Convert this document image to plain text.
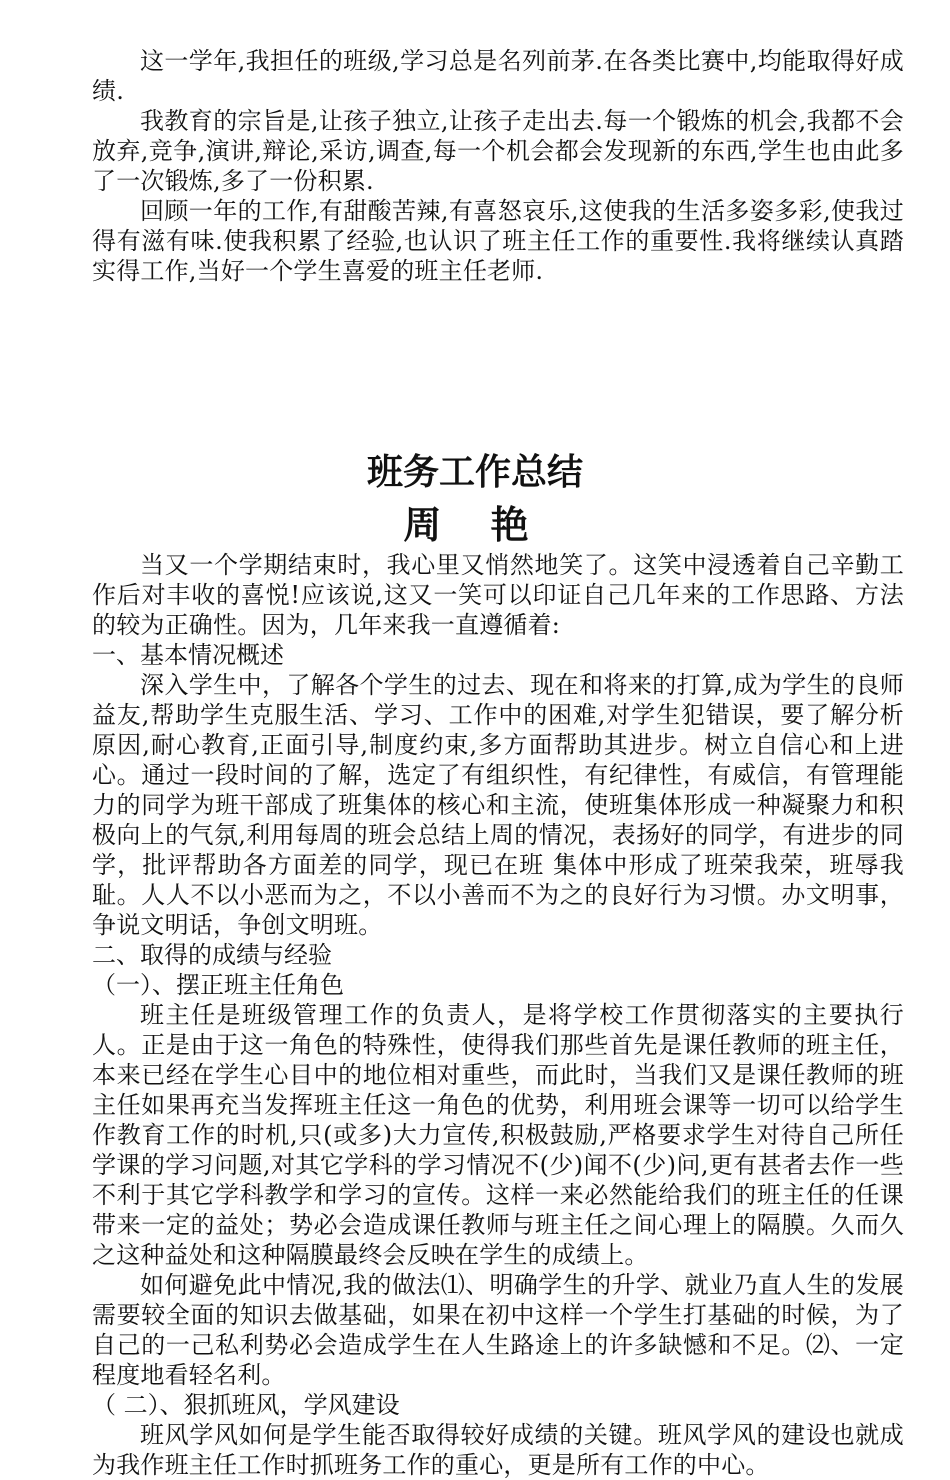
这一学年,我担任的班级,学习总是名列前茅.在各类比赛中,均能取得好成绩.

我教育的宗旨是,让孩子独立,让孩子走出去.每一个锻炼的机会,我都不会放弃,竞争,演讲,辩论,采访,调查,每一个机会都会发现新的东西,学生也由此多了一次锻炼,多了一份积累.

回顾一年的工作,有甜酸苦辣,有喜怒哀乐,这使我的生活多姿多彩,使我过得有滋有味.使我积累了经验,也认识了班主任工作的重要性.我将继续认真踏实得工作,当好一个学生喜爱的班主任老师.

班务工作总结
周 艳

当又一个学期结束时，我心里又悄然地笑了。这笑中浸透着自己辛勤工作后对丰收的喜悦!应该说,这又一笑可以印证自己几年来的工作思路、方法的较为正确性。因为，几年来我一直遵循着:

一、基本情况概述

深入学生中，了解各个学生的过去、现在和将来的打算,成为学生的良师益友,帮助学生克服生活、学习、工作中的困难,对学生犯错误，要了解分析原因,耐心教育,正面引导,制度约束,多方面帮助其进步。树立自信心和上进心。通过一段时间的了解，选定了有组织性，有纪律性，有威信，有管理能力的同学为班干部成了班集体的核心和主流，使班集体形成一种凝聚力和积极向上的气氛,利用每周的班会总结上周的情况，表扬好的同学，有进步的同学，批评帮助各方面差的同学，现已在班 集体中形成了班荣我荣，班辱我耻。人人不以小恶而为之，不以小善而不为之的良好行为习惯。办文明事，争说文明话，争创文明班。

二、取得的成绩与经验

（一）、摆正班主任角色

班主任是班级管理工作的负责人，是将学校工作贯彻落实的主要执行人。正是由于这一角色的特殊性，使得我们那些首先是课任教师的班主任，本来已经在学生心目中的地位相对重些，而此时，当我们又是课任教师的班主任如果再充当发挥班主任这一角色的优势，利用班会课等一切可以给学生作教育工作的时机,只(或多)大力宣传,积极鼓励,严格要求学生对待自己所任学课的学习问题,对其它学科的学习情况不(少)闻不(少)问,更有甚者去作一些不利于其它学科教学和学习的宣传。这样一来必然能给我们的班主任的任课带来一定的益处；势必会造成课任教师与班主任之间心理上的隔膜。久而久之这种益处和这种隔膜最终会反映在学生的成绩上。

如何避免此中情况,我的做法⑴、明确学生的升学、就业乃直人生的发展需要较全面的知识去做基础，如果在初中这样一个学生打基础的时候，为了自己的一己私利势必会造成学生在人生路途上的许多缺憾和不足。⑵、一定程度地看轻名利。

（ 二）、狠抓班风，学风建设

班风学风如何是学生能否取得较好成绩的关键。班风学风的建设也就成为我作班主任工作时抓班务工作的重心，更是所有工作的中心。
